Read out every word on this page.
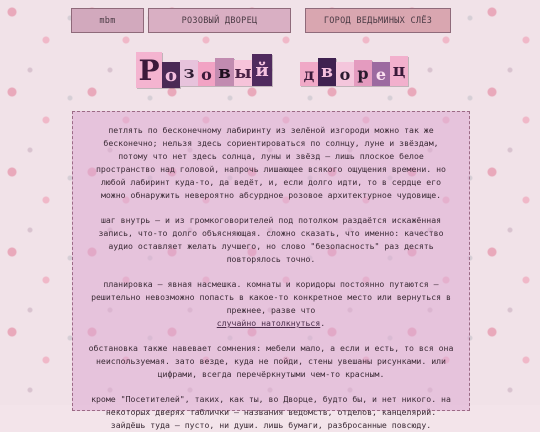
mbm	РОЗОВЫЙ ДВОРЕЦ	ГОРОД ВЕДЬМИНЫХ СЛЁЗ
Р о з о в ы й д в о р е ц

петлять по бесконечному лабиринту из зелёной изгороди можно так же бесконечно; нельзя здесь сориентироваться по солнцу, луне и звёздам, потому что нет здесь солнца, луны и звёзд — лишь плоское белое пространство над головой, напрочь лишающее всякого ощущения времени. но любой лабиринт куда-то, да ведёт, и, если долго идти, то в сердце его можно обнаружить невероятно абсурдное розовое архитектурное чудовище.

шаг внутрь — и из громкоговорителей под потолком раздаётся искажённая запись, что-то долго объясняющая. сложно сказать, что именно: качество аудио оставляет желать лучшего, но слово "безопасность" раз десять повторялось точно.

планировка — явная насмешка. комнаты и коридоры постоянно путаются — решительно невозможно попасть в какое-то конкретное место или вернуться в прежнее, разве что
случайно натолкнуться.

обстановка также навевает сомнения: мебели мало, а если и есть, то вся она неиспользуемая. зато везде, куда не пойди, стены увешаны рисунками. или цифрами, всегда перечёркнутыми чем-то красным.

кроме "Посетителей", таких, как ты, во Дворце, будто бы, и нет никого. на некоторых дверях таблички — названия ведомств, отделов, канцелярий. зайдёшь туда — пусто, ни души. лишь бумаги, разбросанные повсюду.
